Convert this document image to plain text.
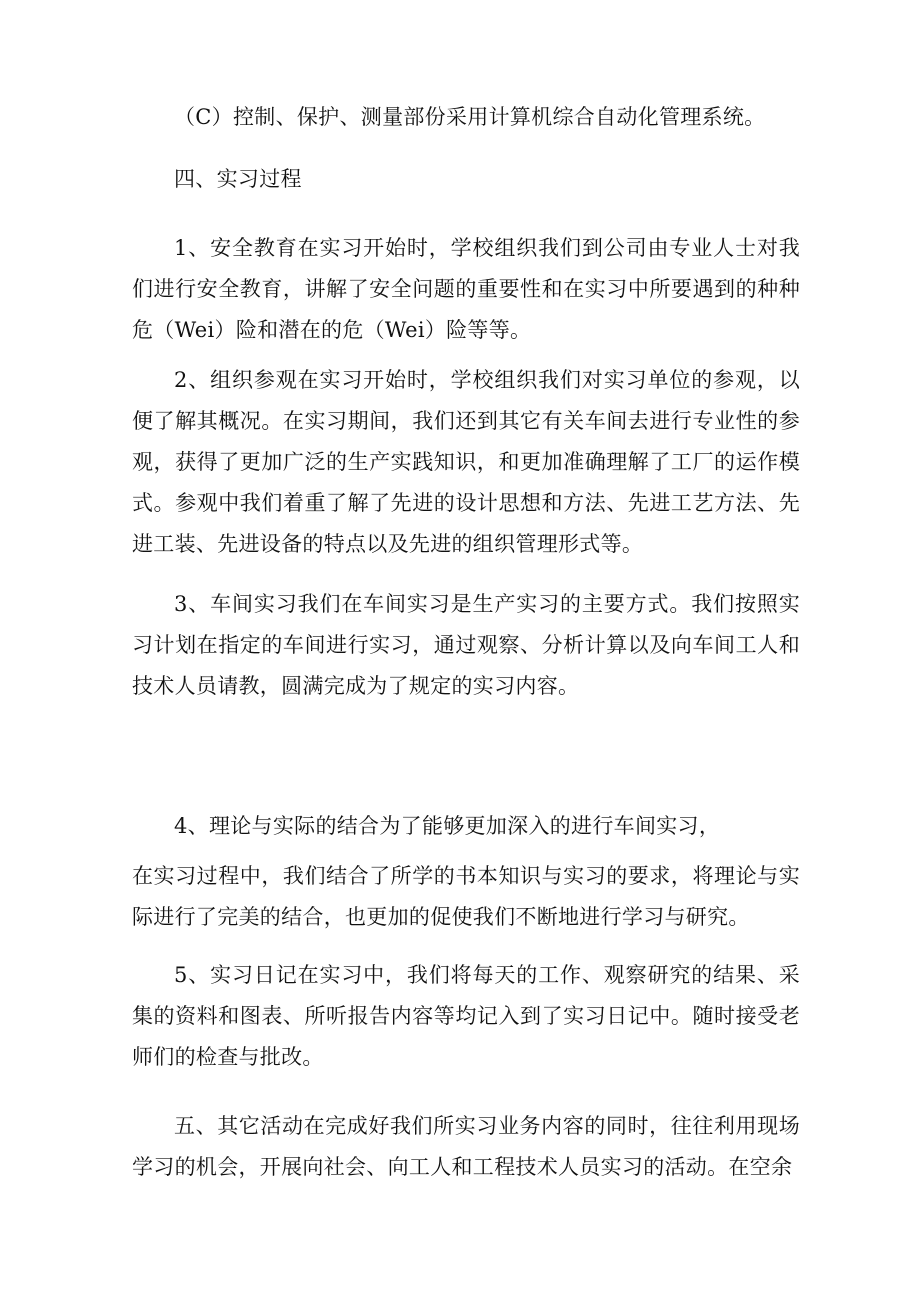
（C）控制、保护、测量部份采用计算机综合自动化管理系统。

四、实习过程

1、安全教育在实习开始时，学校组织我们到公司由专业人士对我们进行安全教育，讲解了安全问题的重要性和在实习中所要遇到的种种危（Wei）险和潜在的危（Wei）险等等。

2、组织参观在实习开始时，学校组织我们对实习单位的参观，以便了解其概况。在实习期间，我们还到其它有关车间去进行专业性的参观，获得了更加广泛的生产实践知识，和更加准确理解了工厂的运作模式。参观中我们着重了解了先进的设计思想和方法、先进工艺方法、先进工装、先进设备的特点以及先进的组织管理形式等。

3、车间实习我们在车间实习是生产实习的主要方式。我们按照实习计划在指定的车间进行实习，通过观察、分析计算以及向车间工人和技术人员请教，圆满完成为了规定的实习内容。

4、理论与实际的结合为了能够更加深入的进行车间实习，

在实习过程中，我们结合了所学的书本知识与实习的要求，将理论与实际进行了完美的结合，也更加的促使我们不断地进行学习与研究。

5、实习日记在实习中，我们将每天的工作、观察研究的结果、采集的资料和图表、所听报告内容等均记入到了实习日记中。随时接受老师们的检查与批改。

五、其它活动在完成好我们所实习业务内容的同时，往往利用现场学习的机会，开展向社会、向工人和工程技术人员实习的活动。在空余
